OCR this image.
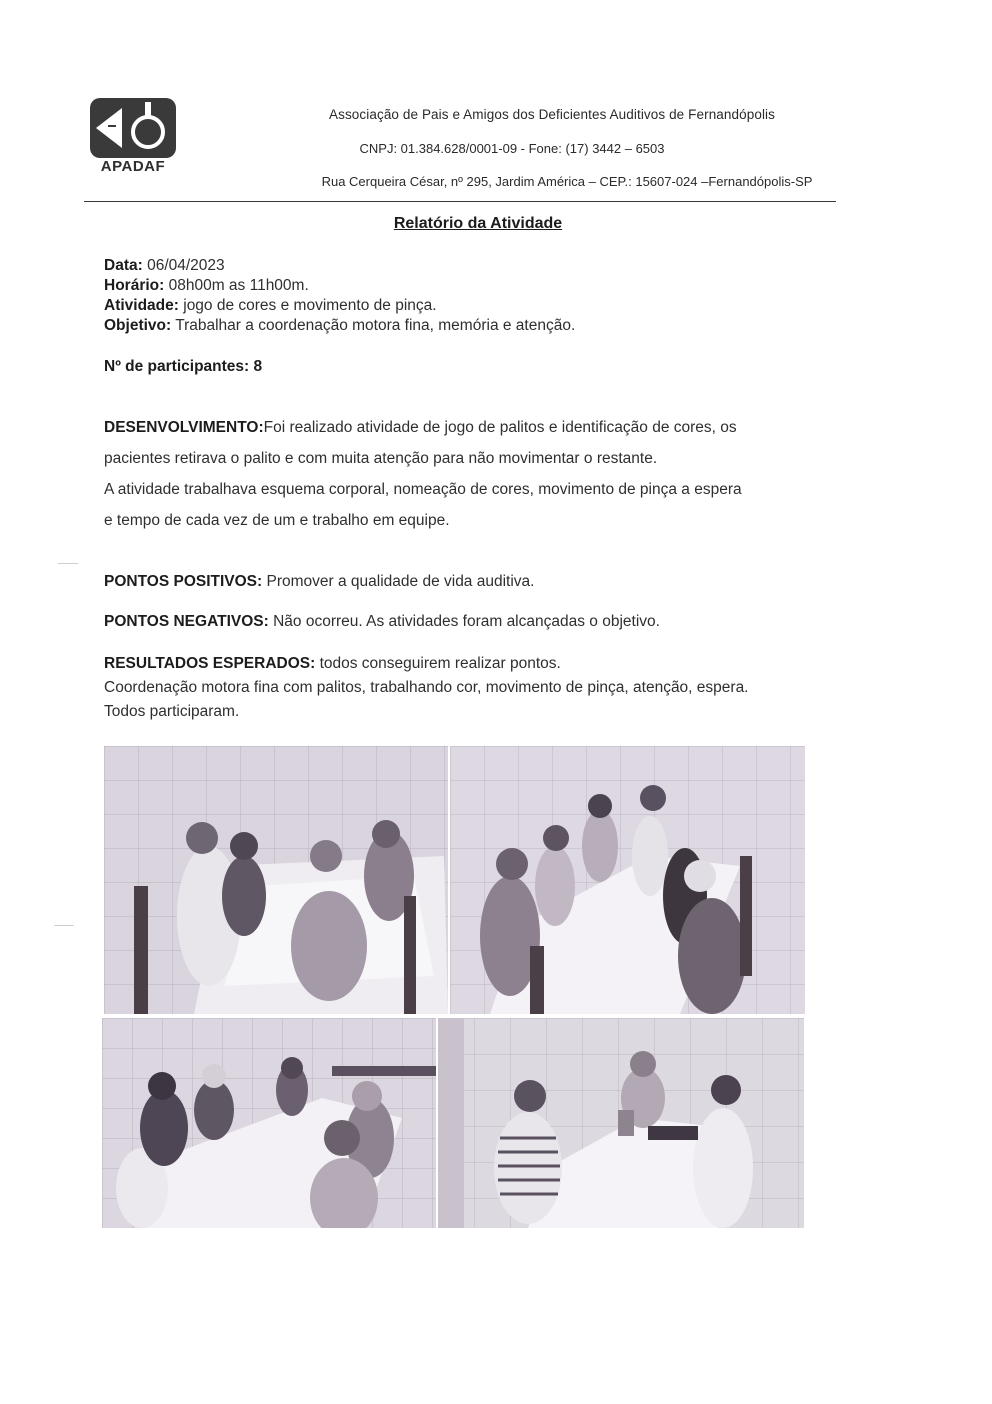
APADAF
Associação de Pais e Amigos dos Deficientes Auditivos de Fernandópolis
CNPJ: 01.384.628/0001-09 - Fone: (17) 3442 – 6503
Rua Cerqueira César, nº 295, Jardim América – CEP.: 15607-024 –Fernandópolis-SP
Relatório da Atividade
Data: 06/04/2023
Horário: 08h00m as 11h00m.
Atividade: jogo de cores e movimento de pinça.
Objetivo: Trabalhar a coordenação motora fina, memória e atenção.
Nº de participantes: 8
DESENVOLVIMENTO:Foi realizado atividade de jogo de palitos e identificação de cores, os
pacientes retirava o palito e com muita atenção para não movimentar o restante.
A atividade trabalhava esquema corporal, nomeação de cores, movimento de pinça a espera
e tempo de cada vez de um e trabalho em equipe.
PONTOS POSITIVOS: Promover a qualidade de vida auditiva.
PONTOS NEGATIVOS: Não ocorreu. As atividades foram alcançadas o objetivo.
RESULTADOS ESPERADOS: todos conseguirem realizar pontos.
Coordenação motora fina com palitos, trabalhando cor, movimento de pinça, atenção, espera.
Todos participaram.
